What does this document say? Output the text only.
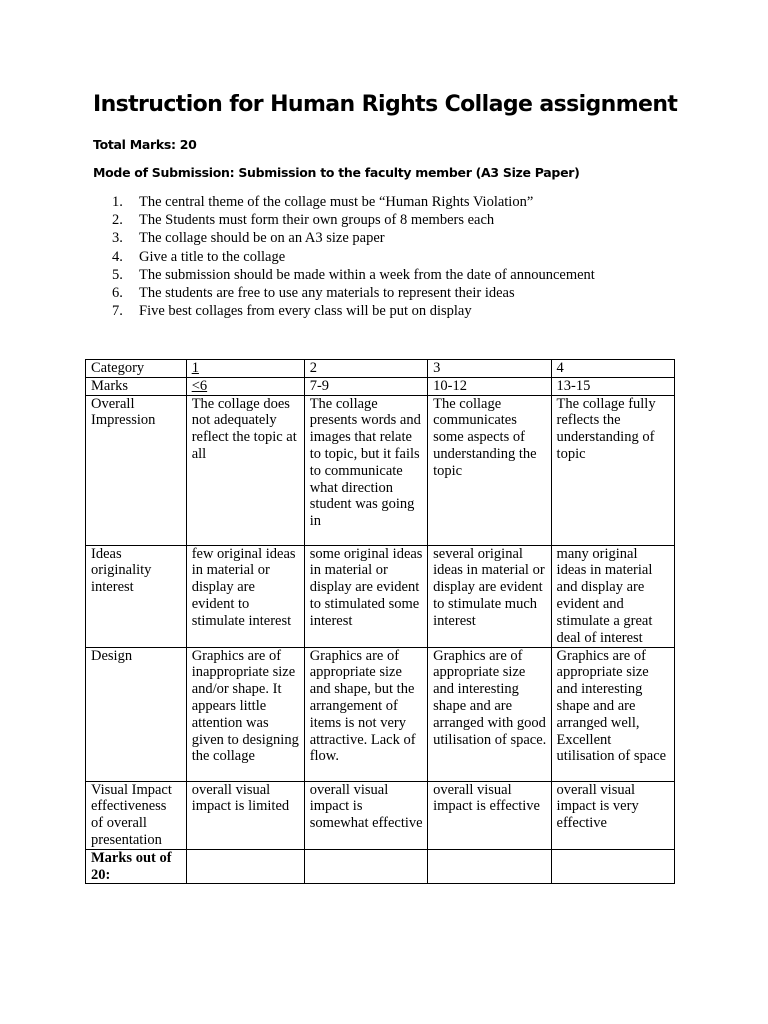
Instruction for Human Rights Collage assignment

Total Marks: 20

Mode of Submission: Submission to the faculty member (A3 Size Paper)

1. The central theme of the collage must be “Human Rights Violation”
2. The Students must form their own groups of 8 members each
3. The collage should be on an A3 size paper
4. Give a title to the collage
5. The submission should be made within a week from the date of announcement
6. The students are free to use any materials to represent their ideas
7. Five best collages from every class will be put on display
Category	1	2	3	4
Marks	<6	7-9	10-12	13-15
Overall Impression	The collage does not adequately reflect the topic at all	The collage presents words and images that relate to topic, but it fails to communicate what direction student was going in	The collage communicates some aspects of understanding the topic	The collage fully reflects the understanding of topic
Ideas originality interest	few original ideas in material or display are evident to stimulate interest	some original ideas in material or display are evident to stimulated some interest	several original ideas in material or display are evident to stimulate much interest	many original ideas in material and display are evident and stimulate a great deal of interest
Design	Graphics are of inappropriate size and/or shape. It appears little attention was given to designing the collage	Graphics are of appropriate size and shape, but the arrangement of items is not very attractive. Lack of flow.	Graphics are of appropriate size and interesting shape and are arranged with good utilisation of space.	Graphics are of appropriate size and interesting shape and are arranged well, Excellent utilisation of space
Visual Impact effectiveness of overall presentation	overall visual impact is limited	overall visual impact is somewhat effective	overall visual impact is effective	overall visual impact is very effective
Marks out of 20:				
